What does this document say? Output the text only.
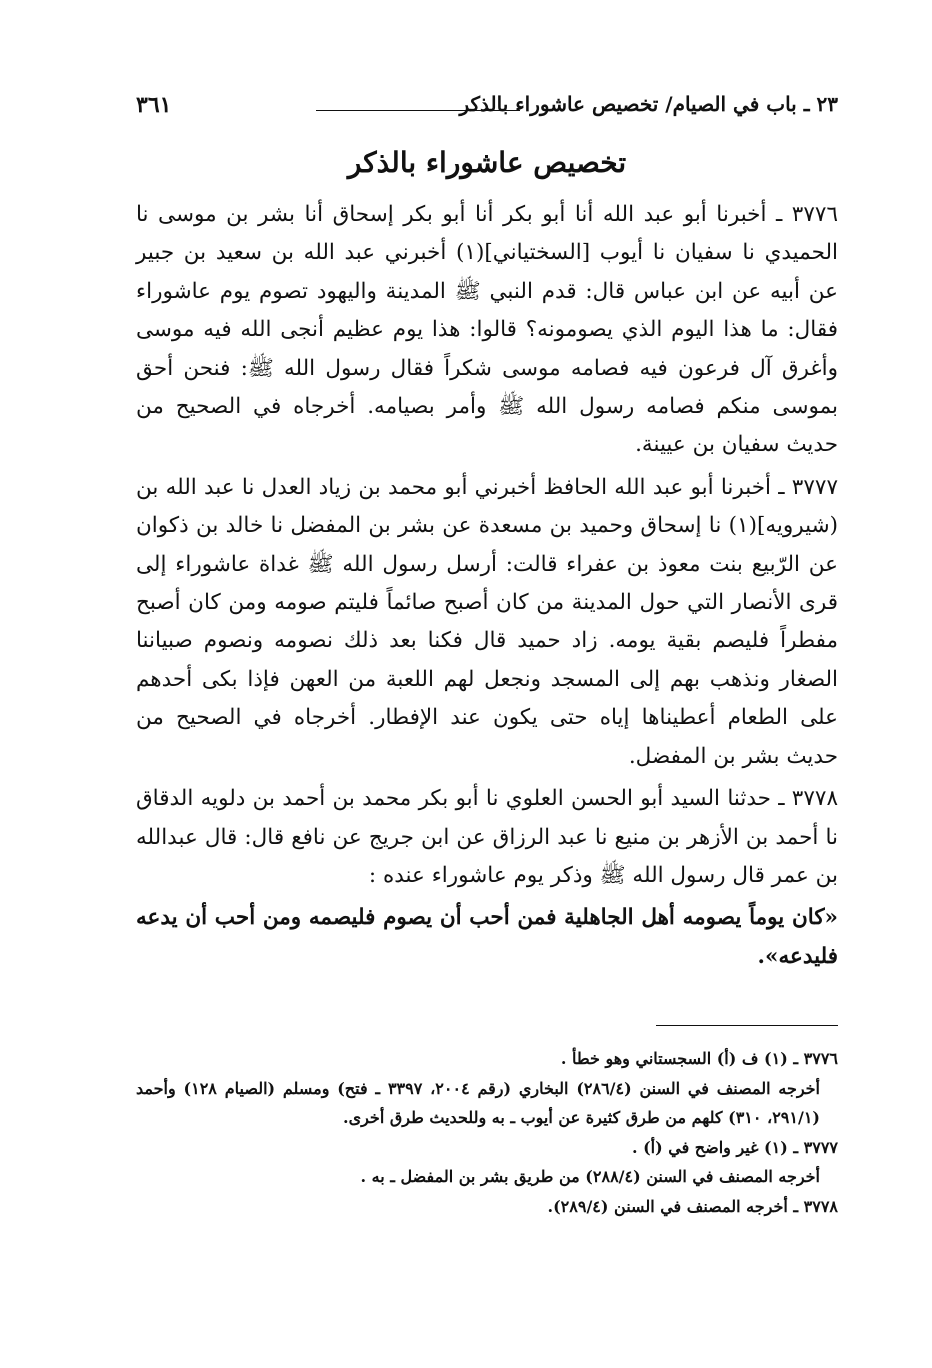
٢٣ ـ باب في الصيام/ تخصيص عاشوراء بالذكر
٣٦١
تخصيص عاشوراء بالذكر

٣٧٧٦ ـ أخبرنا أبو عبد الله أنا أبو بكر أنا أبو بكر إسحاق أنا بشر بن موسى نا الحميدي نا سفيان نا أيوب [السختياني](١) أخبرني عبد الله بن سعيد بن جبير عن أبيه عن ابن عباس قال: قدم النبي ﷺ المدينة واليهود تصوم يوم عاشوراء فقال: ما هذا اليوم الذي يصومونه؟ قالوا: هذا يوم عظيم أنجى الله فيه موسى وأغرق آل فرعون فيه فصامه موسى شكراً فقال رسول الله ﷺ: فنحن أحق بموسى منكم فصامه رسول الله ﷺ وأمر بصيامه. أخرجاه في الصحيح من حديث سفيان بن عيينة.

٣٧٧٧ ـ أخبرنا أبو عبد الله الحافظ أخبرني أبو محمد بن زياد العدل نا عبد الله بن (شيرويه](١) نا إسحاق وحميد بن مسعدة عن بشر بن المفضل نا خالد بن ذكوان عن الرّبيع بنت معوذ بن عفراء قالت: أرسل رسول الله ﷺ غداة عاشوراء إلى قرى الأنصار التي حول المدينة من كان أصبح صائماً فليتم صومه ومن كان أصبح مفطراً فليصم بقية يومه. زاد حميد قال فكنا بعد ذلك نصومه ونصوم صبياننا الصغار ونذهب بهم إلى المسجد ونجعل لهم اللعبة من العهن فإذا بكى أحدهم على الطعام أعطيناها إياه حتى يكون عند الإفطار. أخرجاه في الصحيح من حديث بشر بن المفضل.

٣٧٧٨ ـ حدثنا السيد أبو الحسن العلوي نا أبو بكر محمد بن أحمد بن دلويه الدقاق نا أحمد بن الأزهر بن منيع نا عبد الرزاق عن ابن جريج عن نافع قال: قال عبدالله بن عمر قال رسول الله ﷺ وذكر يوم عاشوراء عنده :

«كان يوماً يصومه أهل الجاهلية فمن أحب أن يصوم فليصمه ومن أحب أن يدعه فليدعه».

٣٧٧٦ ـ (١) ف (أ) السجستاني وهو خطأ .

أخرجه المصنف في السنن (٢٨٦/٤) البخاري (رقم ٢٠٠٤، ٣٣٩٧ ـ فتح) ومسلم (الصيام ١٢٨) وأحمد (٢٩١/١، ٣١٠) كلهم من طرق كثيرة عن أيوب ـ به وللحديث طرق أخرى.

٣٧٧٧ ـ (١) غير واضح في (أ) .

أخرجه المصنف في السنن (٢٨٨/٤) من طريق بشر بن المفضل ـ به .

٣٧٧٨ ـ أخرجه المصنف في السنن (٢٨٩/٤).
